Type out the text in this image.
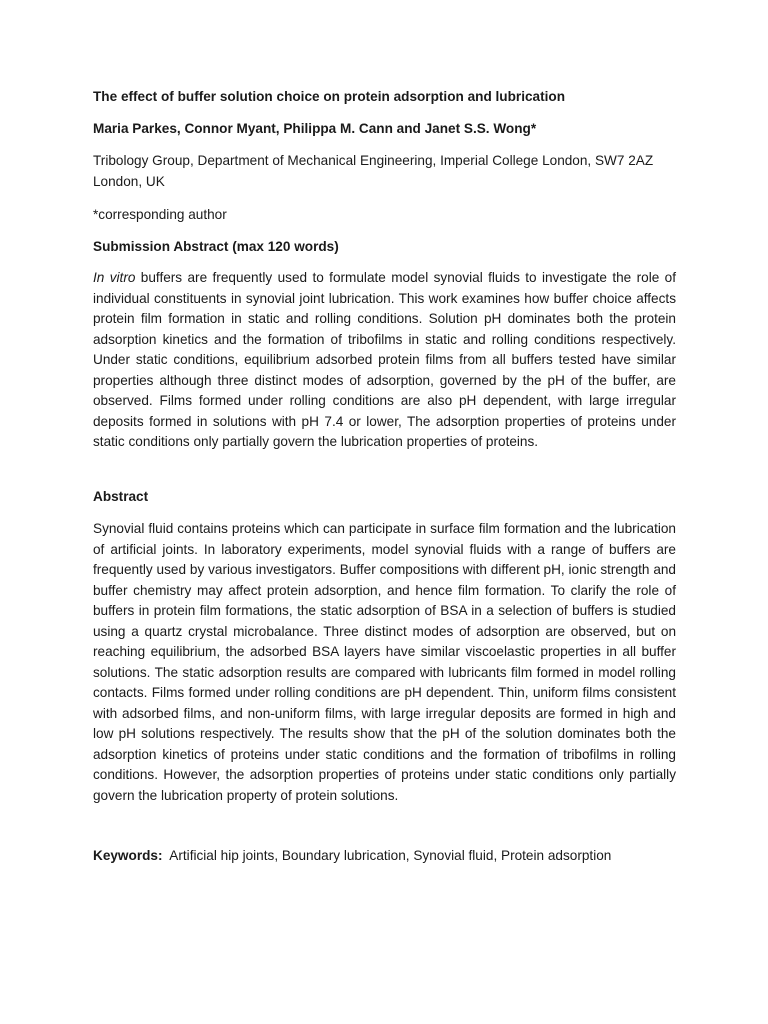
The effect of buffer solution choice on protein adsorption and lubrication

Maria Parkes, Connor Myant, Philippa M. Cann and Janet S.S. Wong*

Tribology Group, Department of Mechanical Engineering, Imperial College London, SW7 2AZ London, UK

*corresponding author

Submission Abstract (max 120 words)

In vitro buffers are frequently used to formulate model synovial fluids to investigate the role of individual constituents in synovial joint lubrication. This work examines how buffer choice affects protein film formation in static and rolling conditions. Solution pH dominates both the protein adsorption kinetics and the formation of tribofilms in static and rolling conditions respectively. Under static conditions, equilibrium adsorbed protein films from all buffers tested have similar properties although three distinct modes of adsorption, governed by the pH of the buffer, are observed. Films formed under rolling conditions are also pH dependent, with large irregular deposits formed in solutions with pH 7.4 or lower, The adsorption properties of proteins under static conditions only partially govern the lubrication properties of proteins.

Abstract

Synovial fluid contains proteins which can participate in surface film formation and the lubrication of artificial joints. In laboratory experiments, model synovial fluids with a range of buffers are frequently used by various investigators. Buffer compositions with different pH, ionic strength and buffer chemistry may affect protein adsorption, and hence film formation. To clarify the role of buffers in protein film formations, the static adsorption of BSA in a selection of buffers is studied using a quartz crystal microbalance. Three distinct modes of adsorption are observed, but on reaching equilibrium, the adsorbed BSA layers have similar viscoelastic properties in all buffer solutions. The static adsorption results are compared with lubricants film formed in model rolling contacts. Films formed under rolling conditions are pH dependent. Thin, uniform films consistent with adsorbed films, and non-uniform films, with large irregular deposits are formed in high and low pH solutions respectively. The results show that the pH of the solution dominates both the adsorption kinetics of proteins under static conditions and the formation of tribofilms in rolling conditions. However, the adsorption properties of proteins under static conditions only partially govern the lubrication property of protein solutions.

Keywords:  Artificial hip joints, Boundary lubrication, Synovial fluid, Protein adsorption
